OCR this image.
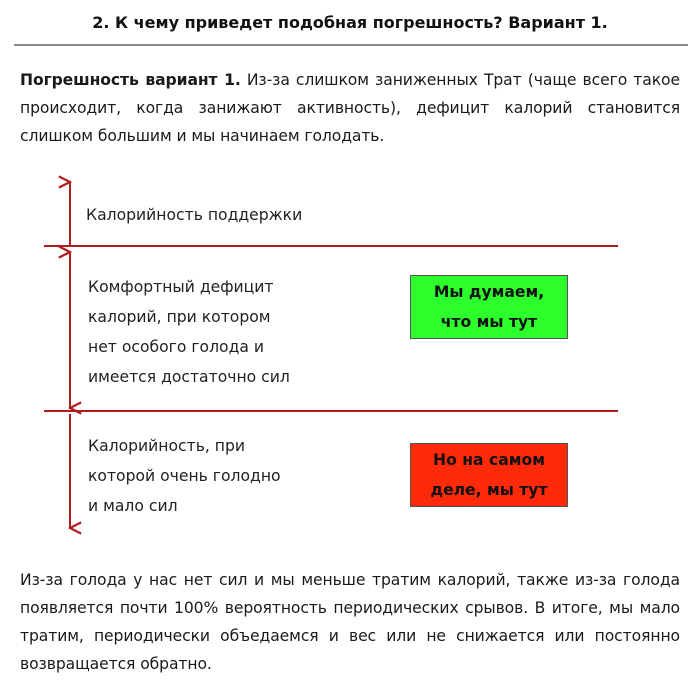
2. К чему приведет подобная погрешность? Вариант 1.
Погрешность вариант 1. Из-за слишком заниженных Трат (чаще всего такое происходит, когда занижают активность), дефицит калорий становится слишком большим и мы начинаем голодать.
Калорийность поддержки
Комфортный дефицит
калорий, при котором
нет особого голода и
имеется достаточно сил
Мы думаем,
что мы тут
Калорийность, при
которой очень голодно
и мало сил
Но на самом
деле, мы тут
Из-за голода у нас нет сил и мы меньше тратим калорий, также из-за голода появляется почти 100% вероятность периодических срывов. В итоге, мы мало тратим, периодически объедаемся и вес или не снижается или постоянно возвращается обратно.
